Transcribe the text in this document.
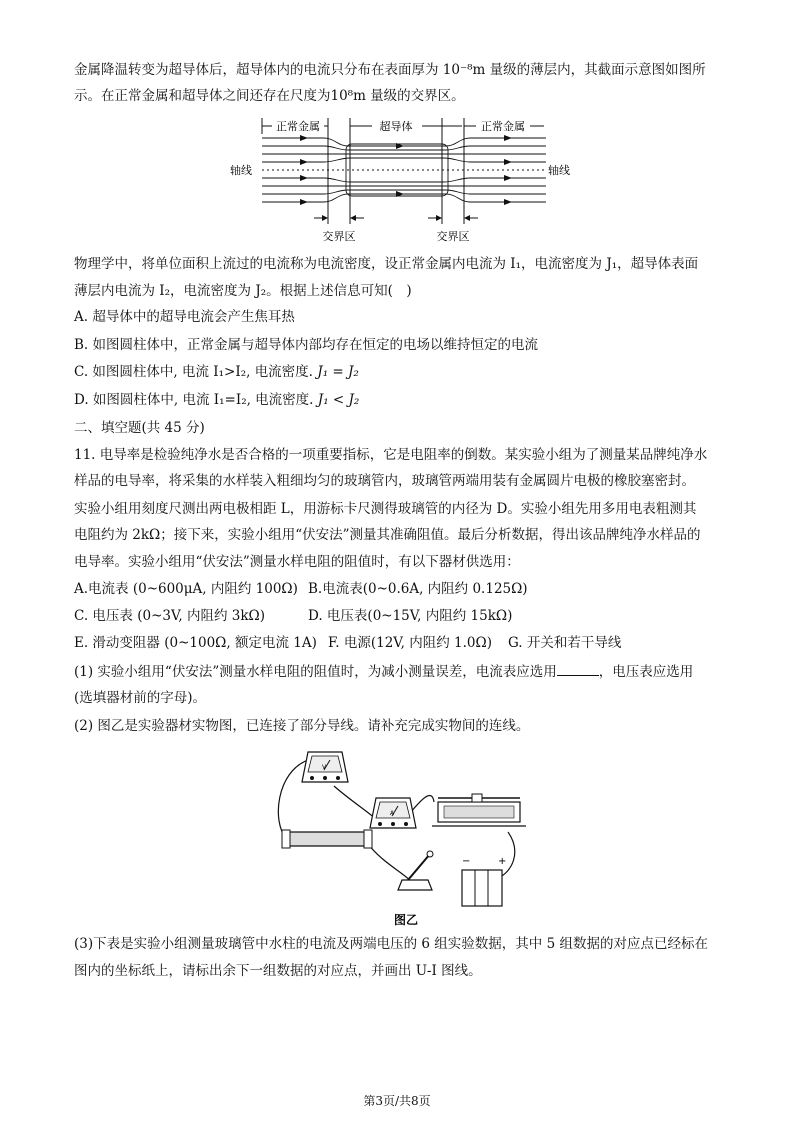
金属降温转变为超导体后，超导体内的电流只分布在表面厚为 10⁻⁸m 量级的薄层内，其截面示意图如图所
示。在正常金属和超导体之间还存在尺度为10⁸m 量级的交界区。
正常金属	超导体	正常金属
轴线	轴线
交界区	交界区
物理学中，将单位面积上流过的电流称为电流密度，设正常金属内电流为 I₁，电流密度为 J₁，超导体表面
薄层内电流为 I₂，电流密度为 J₂。根据上述信息可知(　)
A. 超导体中的超导电流会产生焦耳热
B. 如图圆柱体中，正常金属与超导体内部均存在恒定的电场以维持恒定的电流
C. 如图圆柱体中, 电流 I₁>I₂, 电流密度. J₁ = J₂
D. 如图圆柱体中, 电流 I₁=I₂, 电流密度. J₁ < J₂
二、填空题(共 45 分)
11. 电导率是检验纯净水是否合格的一项重要指标，它是电阻率的倒数。某实验小组为了测量某品牌纯净水
样品的电导率，将采集的水样装入粗细均匀的玻璃管内，玻璃管两端用装有金属圆片电极的橡胶塞密封。
实验小组用刻度尺测出两电极相距 L，用游标卡尺测得玻璃管的内径为 D。实验小组先用多用电表粗测其
电阻约为 2kΩ；接下来，实验小组用“伏安法”测量其准确阻值。最后分析数据，得出该品牌纯净水样品的
电导率。实验小组用“伏安法”测量水样电阻的阻值时，有以下器材供选用：
A.电流表 (0~600μA, 内阻约 100Ω) B.电流表(0~0.6A, 内阻约 0.125Ω)
C. 电压表 (0~3V, 内阻约 3kΩ)	D. 电压表(0~15V, 内阻约 15kΩ)
E. 滑动变阻器 (0~100Ω, 额定电流 1A) F. 电源(12V, 内阻约 1.0Ω)	G. 开关和若干导线
(1) 实验小组用“伏安法”测量水样电阻的阻值时，为减小测量误差，电流表应选用	，电压表应选用
(选填器材前的字母)。
(2) 图乙是实验器材实物图，已连接了部分导线。请补充完成实物间的连线。
V
A
−	+
图乙
(3)下表是实验小组测量玻璃管中水柱的电流及两端电压的 6 组实验数据，其中 5 组数据的对应点已经标在
图内的坐标纸上，请标出余下一组数据的对应点，并画出 U-I 图线。
第3页/共8页
